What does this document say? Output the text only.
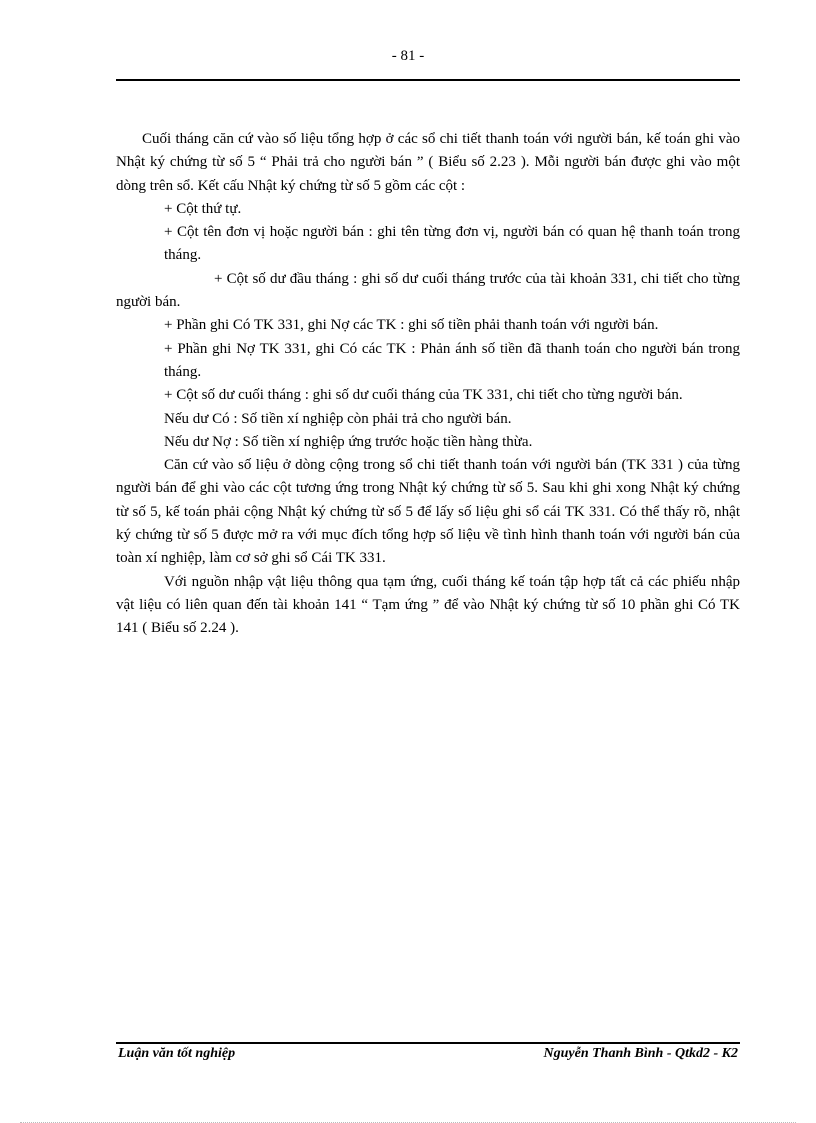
- 81 -

Cuối tháng căn cứ vào số liệu tổng hợp ở các sổ chi tiết thanh toán với người bán, kế toán ghi vào Nhật ký chứng từ số 5 “ Phải trả cho người bán ” ( Biểu số 2.23 ). Mỗi người bán được ghi vào một dòng trên sổ. Kết cấu Nhật ký chứng từ số 5 gồm các cột :

+ Cột thứ tự.

+ Cột tên đơn vị hoặc người bán : ghi tên từng đơn vị, người bán có quan hệ thanh toán trong tháng.

+ Cột số dư đầu tháng : ghi số dư cuối tháng trước của tài khoản 331, chi tiết cho từng người bán.

+ Phần ghi Có TK 331, ghi Nợ các TK : ghi số tiền phải thanh toán với người bán.

+ Phần ghi Nợ TK 331, ghi Có các TK : Phản ánh số tiền đã thanh toán cho người bán trong tháng.

+ Cột số dư cuối tháng : ghi số dư cuối tháng của TK 331, chi tiết cho từng người bán.

Nếu dư Có : Số tiền xí nghiệp còn phải trả cho người bán.

Nếu dư Nợ : Số tiền xí nghiệp ứng trước hoặc tiền hàng thừa.

Căn cứ vào số liệu ở dòng cộng trong sổ chi tiết thanh toán với người bán (TK 331 ) của từng người bán để ghi vào các cột tương ứng trong Nhật ký chứng từ số 5. Sau khi ghi xong Nhật ký chứng từ số 5, kế toán phải cộng Nhật ký chứng từ số 5 để lấy số liệu ghi sổ cái TK 331. Có thể thấy rõ, nhật ký chứng từ số 5 được mở ra với mục đích tổng hợp số liệu về tình hình thanh toán với người bán của toàn xí nghiệp, làm cơ sở ghi sổ Cái TK 331.

Với nguồn nhập vật liệu thông qua tạm ứng, cuối tháng kế toán tập hợp tất cả các phiếu nhập vật liệu có liên quan đến tài khoản 141 “ Tạm ứng ” để vào Nhật ký chứng từ số 10 phần ghi Có TK 141 ( Biểu số 2.24 ).

Luận văn tốt nghiệp	Nguyễn Thanh Bình - Qtkd2 - K2
